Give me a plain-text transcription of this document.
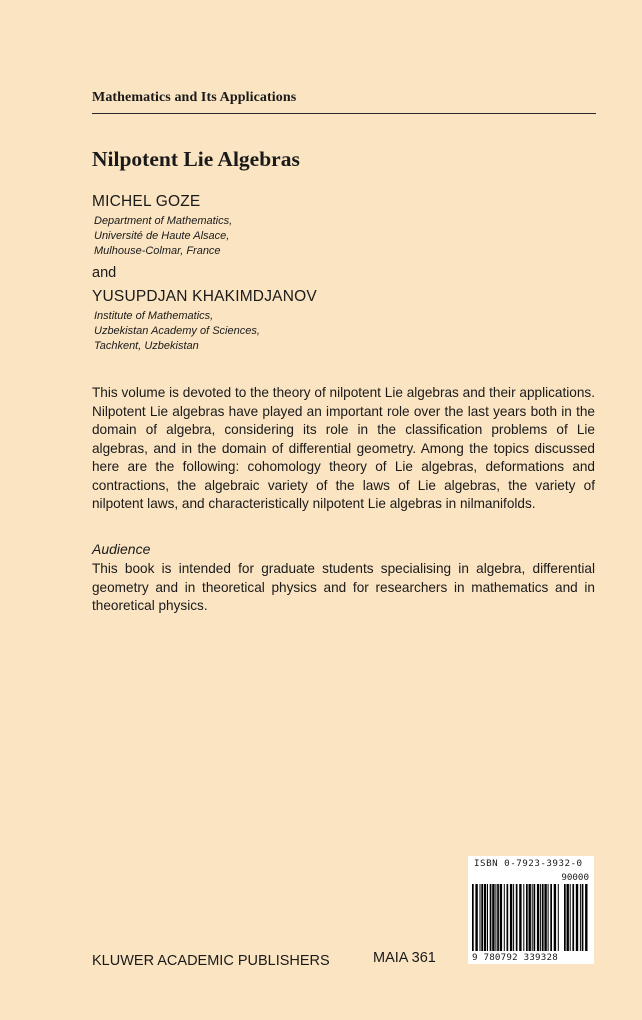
Mathematics and Its Applications
Nilpotent Lie Algebras
MICHEL GOZE
Department of Mathematics,
Université de Haute Alsace,
Mulhouse-Colmar, France
and
YUSUPDJAN KHAKIMDJANOV
Institute of Mathematics,
Uzbekistan Academy of Sciences,
Tachkent, Uzbekistan
This volume is devoted to the theory of nilpotent Lie algebras and their applications. Nilpotent Lie algebras have played an important role over the last years both in the domain of algebra, considering its role in the classification problems of Lie algebras, and in the domain of differential geometry. Among the topics discussed here are the following: cohomology theory of Lie algebras, deformations and contractions, the algebraic variety of the laws of Lie algebras, the variety of nilpotent laws, and characteristically nilpotent Lie algebras in nilmanifolds.
Audience
This book is intended for graduate students specialising in algebra, differential geometry and in theoretical physics and for researchers in mathematics and in theoretical physics.
ISBN 0-7923-3932-0
90000
9 780792 339328
KLUWER ACADEMIC PUBLISHERS	MAIA 361
